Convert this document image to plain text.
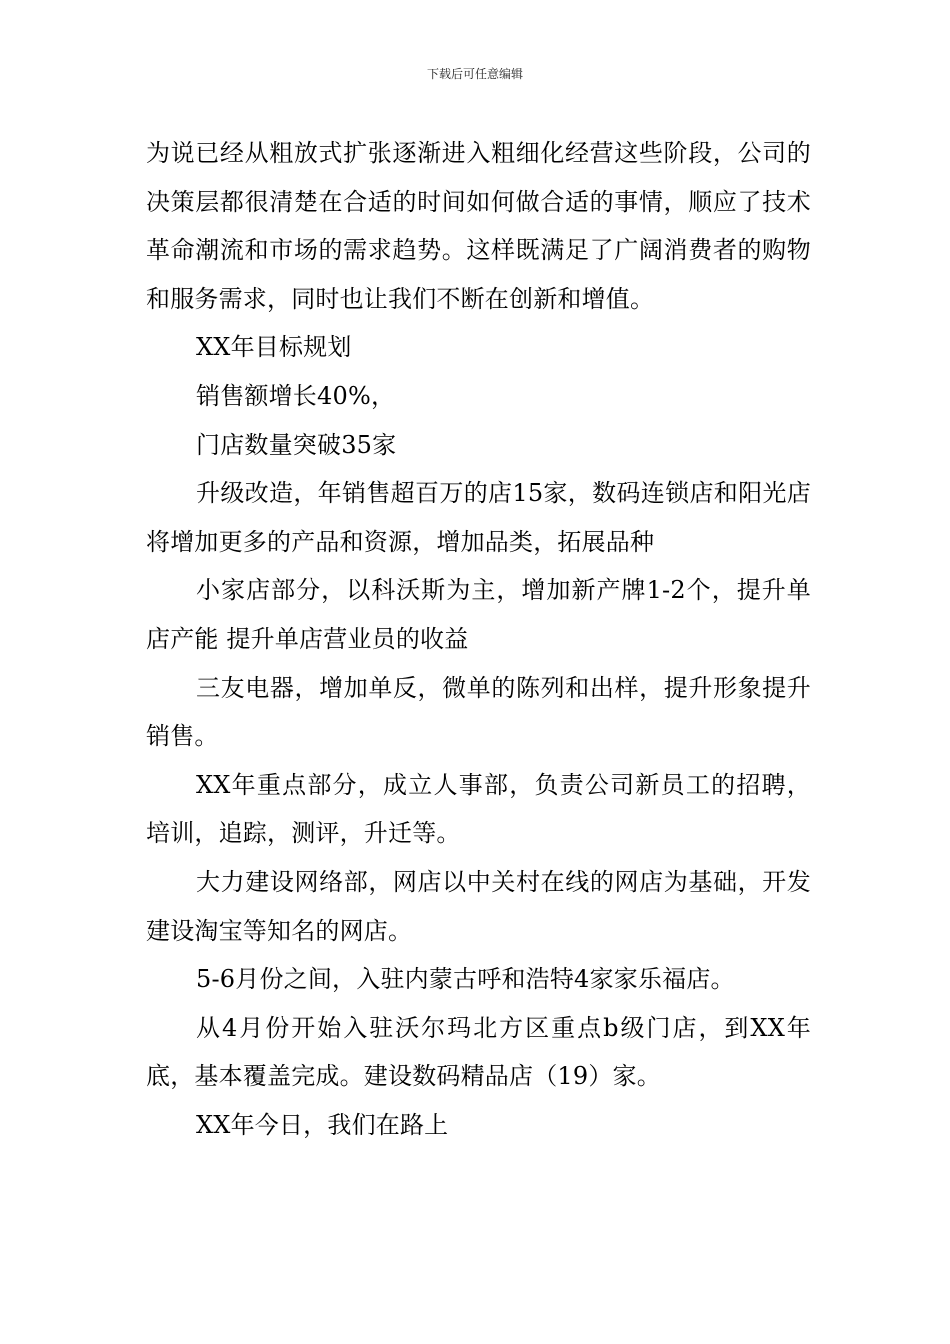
下载后可任意编辑

为说已经从粗放式扩张逐渐进入粗细化经营这些阶段，公司的决策层都很清楚在合适的时间如何做合适的事情，顺应了技术革命潮流和市场的需求趋势。这样既满足了广阔消费者的购物和服务需求，同时也让我们不断在创新和增值。

XX年目标规划

销售额增长40%，

门店数量突破35家

升级改造，年销售超百万的店15家，数码连锁店和阳光店将增加更多的产品和资源，增加品类，拓展品种

小家店部分，以科沃斯为主，增加新产牌1-2个，提升单店产能 提升单店营业员的收益

三友电器，增加单反，微单的陈列和出样，提升形象提升销售。

XX年重点部分，成立人事部，负责公司新员工的招聘，培训，追踪，测评，升迁等。

大力建设网络部，网店以中关村在线的网店为基础，开发建设淘宝等知名的网店。

5-6月份之间，入驻内蒙古呼和浩特4家家乐福店。

从4月份开始入驻沃尔玛北方区重点b级门店，到XX年底，基本覆盖完成。建设数码精品店（19）家。

XX年今日，我们在路上
